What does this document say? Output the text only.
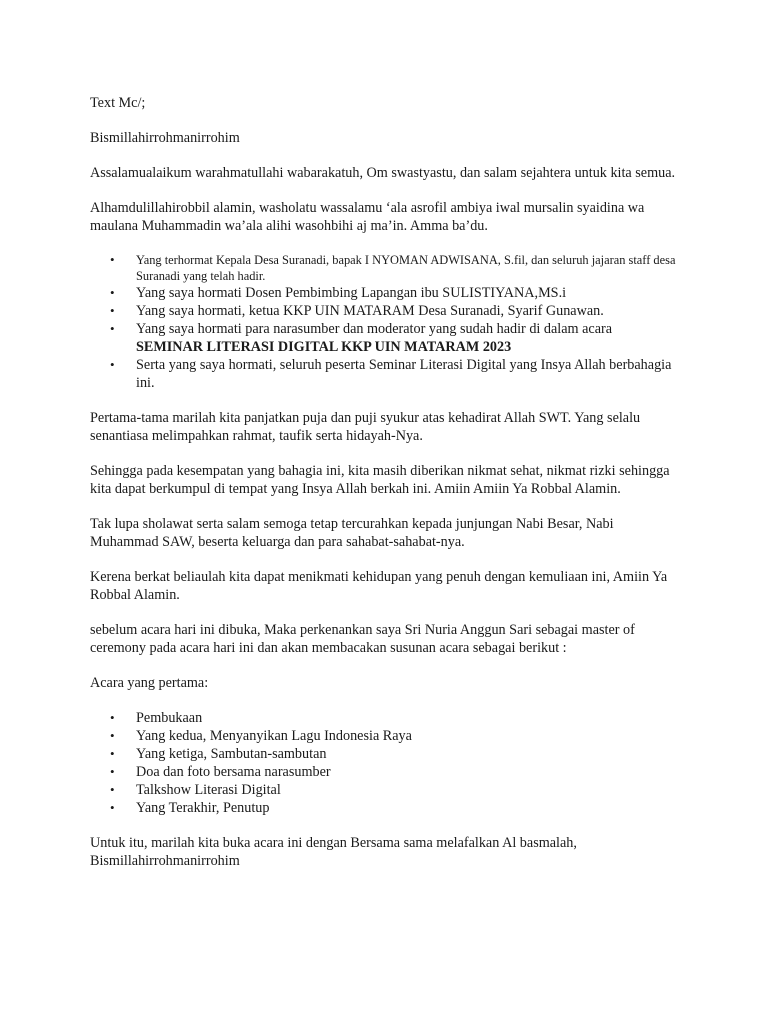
Text Mc/;

Bismillahirrohmanirrohim

Assalamualaikum warahmatullahi wabarakatuh, Om swastyastu, dan salam sejahtera untuk kita semua.

Alhamdulillahirobbil alamin, washolatu wassalamu ‘ala asrofil ambiya iwal mursalin syaidina wa maulana Muhammadin wa’ala alihi wasohbihi aj ma’in. Amma ba’du.

• Yang terhormat Kepala Desa Suranadi, bapak I NYOMAN ADWISANA, S.fil, dan seluruh jajaran staff desa Suranadi yang telah hadir.
• Yang saya hormati Dosen Pembimbing Lapangan ibu SULISTIYANA,MS.i
• Yang saya hormati, ketua KKP UIN MATARAM Desa Suranadi, Syarif Gunawan.
• Yang saya hormati para narasumber dan moderator yang sudah hadir di dalam acara
SEMINAR LITERASI DIGITAL KKP UIN MATARAM 2023
• Serta yang saya hormati, seluruh peserta Seminar Literasi Digital yang Insya Allah berbahagia ini.

Pertama-tama marilah kita panjatkan puja dan puji syukur atas kehadirat Allah SWT. Yang selalu senantiasa melimpahkan rahmat, taufik serta hidayah-Nya.

Sehingga pada kesempatan yang bahagia ini, kita masih diberikan nikmat sehat, nikmat rizki sehingga kita dapat berkumpul di tempat yang Insya Allah berkah ini. Amiin Amiin Ya Robbal Alamin.

Tak lupa sholawat serta salam semoga tetap tercurahkan kepada junjungan Nabi Besar, Nabi Muhammad SAW, beserta keluarga dan para sahabat-sahabat-nya.

Kerena berkat beliaulah kita dapat menikmati kehidupan yang penuh dengan kemuliaan ini, Amiin Ya Robbal Alamin.

sebelum acara hari ini dibuka, Maka perkenankan saya Sri Nuria Anggun Sari sebagai master of ceremony pada acara hari ini dan akan membacakan susunan acara sebagai berikut :

Acara yang pertama:

• Pembukaan
• Yang kedua, Menyanyikan Lagu Indonesia Raya
• Yang ketiga, Sambutan-sambutan
• Doa dan foto bersama narasumber
• Talkshow Literasi Digital
• Yang Terakhir, Penutup

Untuk itu, marilah kita buka acara ini dengan Bersama sama melafalkan Al basmalah,
Bismillahirrohmanirrohim
